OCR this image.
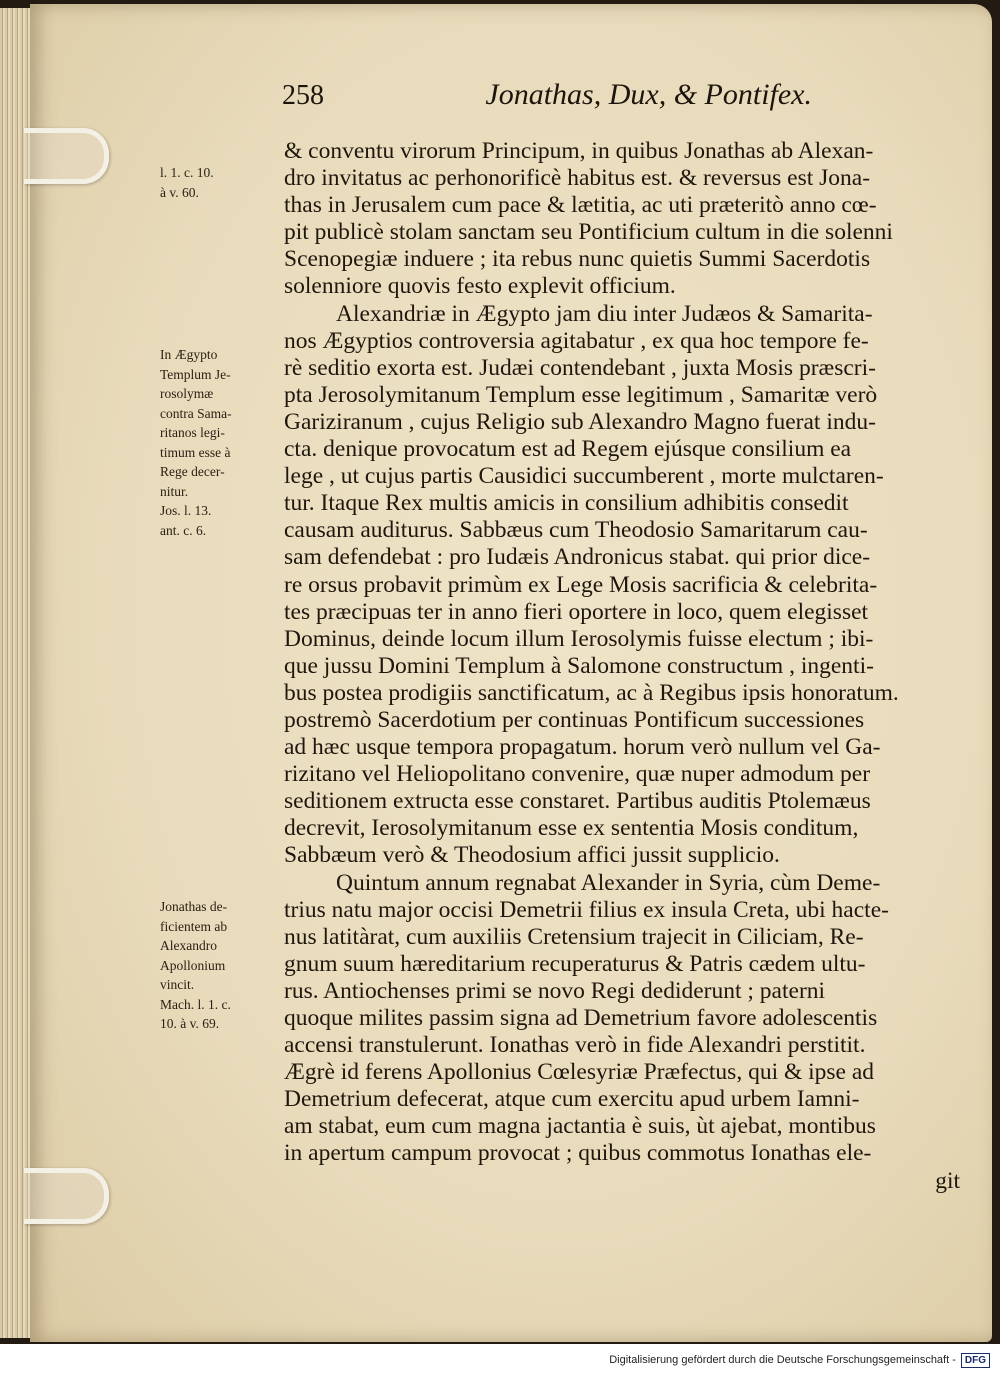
258	Jonathas, Dux, & Pontifex.
l. 1. c. 10.
à v. 60.
In Ægypto
Templum Je-
rosolymæ
contra Sama-
ritanos legi-
timum esse à
Rege decer-
nitur.
Jos. l. 13.
ant. c. 6.
Jonathas de-
ficientem ab
Alexandro
Apollonium
vincit.
Mach. l. 1. c.
10. à v. 69.
& conventu virorum Principum, in quibus Jonathas ab Alexan-
dro invitatus ac perhonorificè habitus est. & reversus est Jona-
thas in Jerusalem cum pace & lætitia, ac uti præteritò anno cœ-
pit publicè stolam sanctam seu Pontificium cultum in die solenni
Scenopegiæ induere ; ita rebus nunc quietis Summi Sacerdotis
solenniore quovis festo explevit officium.
Alexandriæ in Ægypto jam diu inter Judæos & Samarita-
nos Ægyptios controversia agitabatur , ex qua hoc tempore fe-
rè seditio exorta est. Judæi contendebant , juxta Mosis præscri-
pta Jerosolymitanum Templum esse legitimum , Samaritæ verò
Gariziranum , cujus Religio sub Alexandro Magno fuerat indu-
cta. denique provocatum est ad Regem ejúsque consilium ea
lege , ut cujus partis Causidici succumberent , morte mulctaren-
tur. Itaque Rex multis amicis in consilium adhibitis consedit
causam auditurus. Sabbæus cum Theodosio Samaritarum cau-
sam defendebat : pro Iudæis Andronicus stabat. qui prior dice-
re orsus probavit primùm ex Lege Mosis sacrificia & celebrita-
tes præcipuas ter in anno fieri oportere in loco, quem elegisset
Dominus, deinde locum illum Ierosolymis fuisse electum ; ibi-
que jussu Domini Templum à Salomone constructum , ingenti-
bus postea prodigiis sanctificatum, ac à Regibus ipsis honoratum.
postremò Sacerdotium per continuas Pontificum successiones
ad hæc usque tempora propagatum. horum verò nullum vel Ga-
rizitano vel Heliopolitano convenire, quæ nuper admodum per
seditionem extructa esse constaret. Partibus auditis Ptolemæus
decrevit, Ierosolymitanum esse ex sententia Mosis conditum,
Sabbæum verò & Theodosium affici jussit supplicio.
Quintum annum regnabat Alexander in Syria, cùm Deme-
trius natu major occisi Demetrii filius ex insula Creta, ubi hacte-
nus latitàrat, cum auxiliis Cretensium trajecit in Ciliciam, Re-
gnum suum hæreditarium recuperaturus & Patris cædem ultu-
rus. Antiochenses primi se novo Regi dediderunt ; paterni
quoque milites passim signa ad Demetrium favore adolescentis
accensi transtulerunt. Ionathas verò in fide Alexandri perstitit.
Ægrè id ferens Apollonius Cœlesyriæ Præfectus, qui & ipse ad
Demetrium defecerat, atque cum exercitu apud urbem Iamni-
am stabat, eum cum magna jactantia è suis, ùt ajebat, montibus
in apertum campum provocat ; quibus commotus Ionathas ele-
git
Digitalisierung gefördert durch die Deutsche Forschungsgemeinschaft - DFG
